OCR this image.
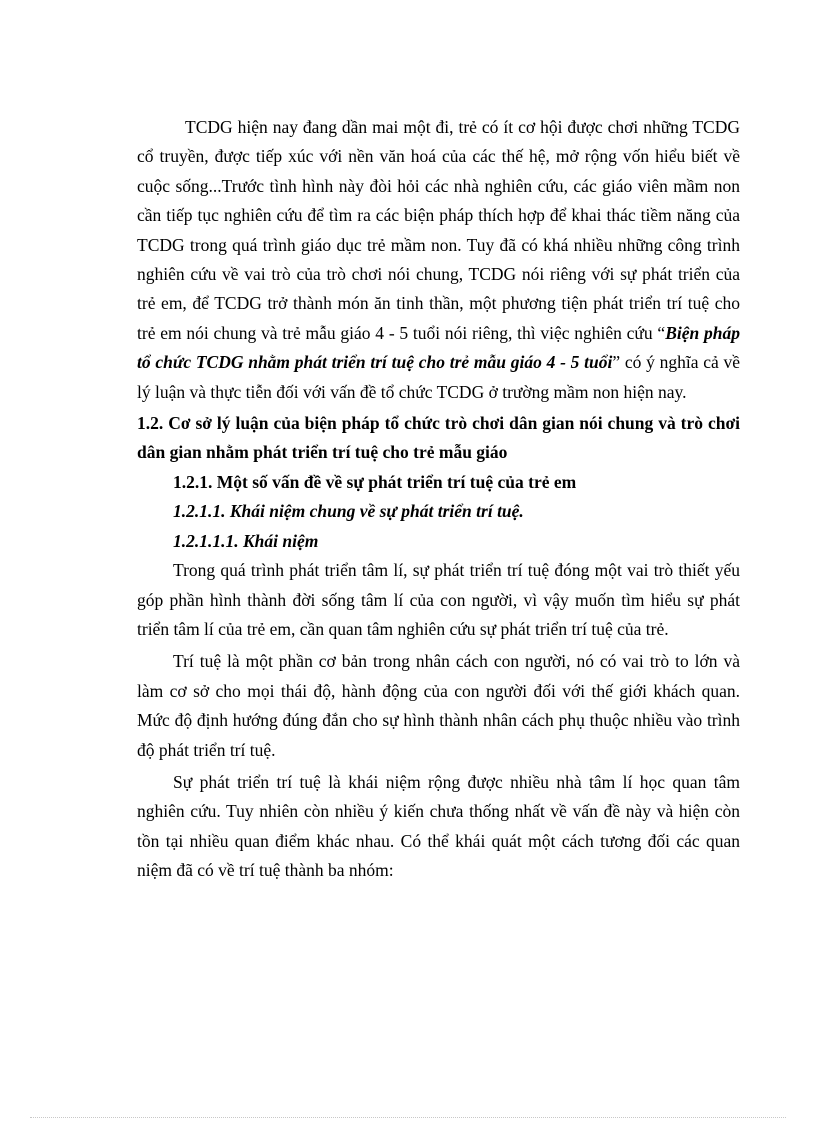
TCDG hiện nay đang dần mai một đi, trẻ có ít cơ hội được chơi những TCDG cổ truyền, được tiếp xúc với nền văn hoá của các thế hệ, mở rộng vốn hiểu biết về cuộc sống...Trước tình hình này đòi hỏi các nhà nghiên cứu, các giáo viên mầm non cần tiếp tục nghiên cứu để tìm ra các biện pháp thích hợp để khai thác tiềm năng của TCDG trong quá trình giáo dục trẻ mầm non. Tuy đã có khá nhiều những công trình nghiên cứu về vai trò của trò chơi nói chung, TCDG nói riêng với sự phát triển của trẻ em, để TCDG trở thành món ăn tinh thần, một phương tiện phát triển trí tuệ cho trẻ em nói chung và trẻ mẫu giáo 4 - 5 tuổi nói riêng, thì việc nghiên cứu “Biện pháp tổ chức TCDG nhằm phát triển trí tuệ cho trẻ mẫu giáo 4 - 5 tuổi” có ý nghĩa cả về lý luận và thực tiễn đối với vấn đề tổ chức TCDG ở trường mầm non hiện nay.

1.2. Cơ sở lý luận của biện pháp tổ chức trò chơi dân gian nói chung và trò chơi dân gian nhằm phát triển trí tuệ cho trẻ mẫu giáo

1.2.1. Một số vấn đề về sự phát triển trí tuệ của trẻ em

1.2.1.1. Khái niệm chung về sự phát triển trí tuệ.

1.2.1.1.1. Khái niệm

Trong quá trình phát triển tâm lí, sự phát triển trí tuệ đóng một vai trò thiết yếu góp phần hình thành đời sống tâm lí của con người, vì vậy muốn tìm hiểu sự phát triển tâm lí của trẻ em, cần quan tâm nghiên cứu sự phát triển trí tuệ của trẻ.

Trí tuệ là một phần cơ bản trong nhân cách con người, nó có vai trò to lớn và làm cơ sở cho mọi thái độ, hành động của con người đối với thế giới khách quan. Mức độ định hướng đúng đắn cho sự hình thành nhân cách phụ thuộc nhiều vào trình độ phát triển trí tuệ.

Sự phát triển trí tuệ là khái niệm rộng được nhiều nhà tâm lí học quan tâm nghiên cứu. Tuy nhiên còn nhiều ý kiến chưa thống nhất về vấn đề này và hiện còn tồn tại nhiều quan điểm khác nhau. Có thể khái quát một cách tương đối các quan niệm đã có về trí tuệ thành ba nhóm:
